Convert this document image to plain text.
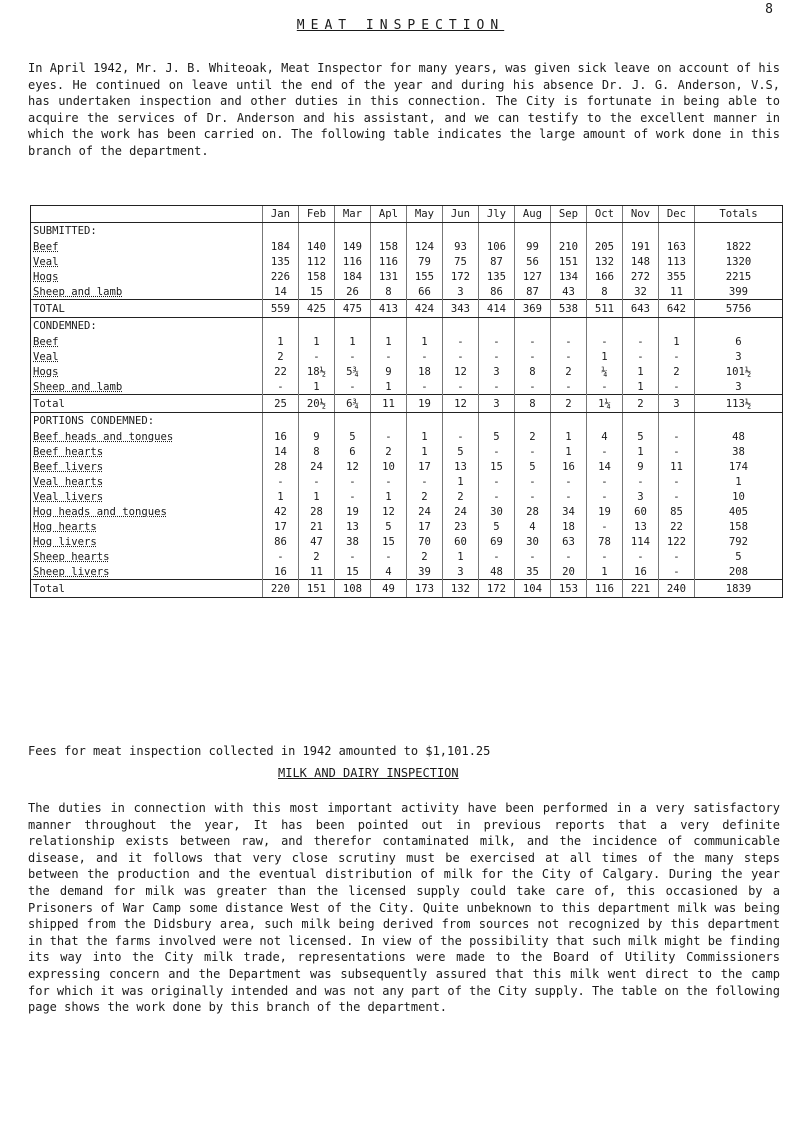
8
MEAT INSPECTION

In April 1942, Mr. J. B. Whiteoak, Meat Inspector for many years, was given sick leave on account of his eyes. He continued on leave until the end of the year and during his absence Dr. J. G. Anderson, V.S, has undertaken inspection and other duties in this connection. The City is fortunate in being able to acquire the services of Dr. Anderson and his assistant, and we can testify to the excellent manner in which the work has been carried on. The following table indicates the large amount of work done in this branch of the department.

	Jan	Feb	Mar	Apl	May	Jun	Jly	Aug	Sep	Oct	Nov	Dec	Totals
SUBMITTED:													
Beef	184	140	149	158	124	93	106	99	210	205	191	163	1822
Veal	135	112	116	116	79	75	87	56	151	132	148	113	1320
Hogs	226	158	184	131	155	172	135	127	134	166	272	355	2215
Sheep and lamb	14	15	26	8	66	3	86	87	43	8	32	11	399
TOTAL	559	425	475	413	424	343	414	369	538	511	643	642	5756
CONDEMNED:													
Beef	1	1	1	1	1	-	-	-	-	-	-	1	6
Veal	2	-	-	-	-	-	-	-	-	1	-	-	3
Hogs	22	18½	5¾	9	18	12	3	8	2	¼	1	2	101½
Sheep and lamb	-	1	-	1	-	-	-	-	-	-	1	-	3
Total	25	20½	6¾	11	19	12	3	8	2	1¼	2	3	113½
PORTIONS CONDEMNED:													
Beef heads and tongues	16	9	5	-	1	-	5	2	1	4	5	-	48
Beef hearts	14	8	6	2	1	5	-	-	1	-	1	-	38
Beef livers	28	24	12	10	17	13	15	5	16	14	9	11	174
Veal hearts	-	-	-	-	-	1	-	-	-	-	-	-	1
Veal livers	1	1	-	1	2	2	-	-	-	-	3	-	10
Hog heads and tongues	42	28	19	12	24	24	30	28	34	19	60	85	405
Hog hearts	17	21	13	5	17	23	5	4	18	-	13	22	158
Hog livers	86	47	38	15	70	60	69	30	63	78	114	122	792
Sheep hearts	-	2	-	-	2	1	-	-	-	-	-	-	5
Sheep livers	16	11	15	4	39	3	48	35	20	1	16	-	208
Total	220	151	108	49	173	132	172	104	153	116	221	240	1839
Fees for meat inspection collected in 1942 amounted to $1,101.25
MILK AND DAIRY INSPECTION

The duties in connection with this most important activity have been performed in a very satisfactory manner throughout the year, It has been pointed out in previous reports that a very definite relationship exists between raw, and therefor contaminated milk, and the incidence of communicable disease, and it follows that very close scrutiny must be exercised at all times of the many steps between the production and the eventual distribution of milk for the City of Calgary. During the year the demand for milk was greater than the licensed supply could take care of, this occasioned by a Prisoners of War Camp some distance West of the City. Quite unbeknown to this department milk was being shipped from the Didsbury area, such milk being derived from sources not recognized by this department in that the farms involved were not licensed. In view of the possibility that such milk might be finding its way into the City milk trade, representations were made to the Board of Utility Commissioners expressing concern and the Department was subsequently assured that this milk went direct to the camp for which it was originally intended and was not any part of the City supply. The table on the following page shows the work done by this branch of the department.
